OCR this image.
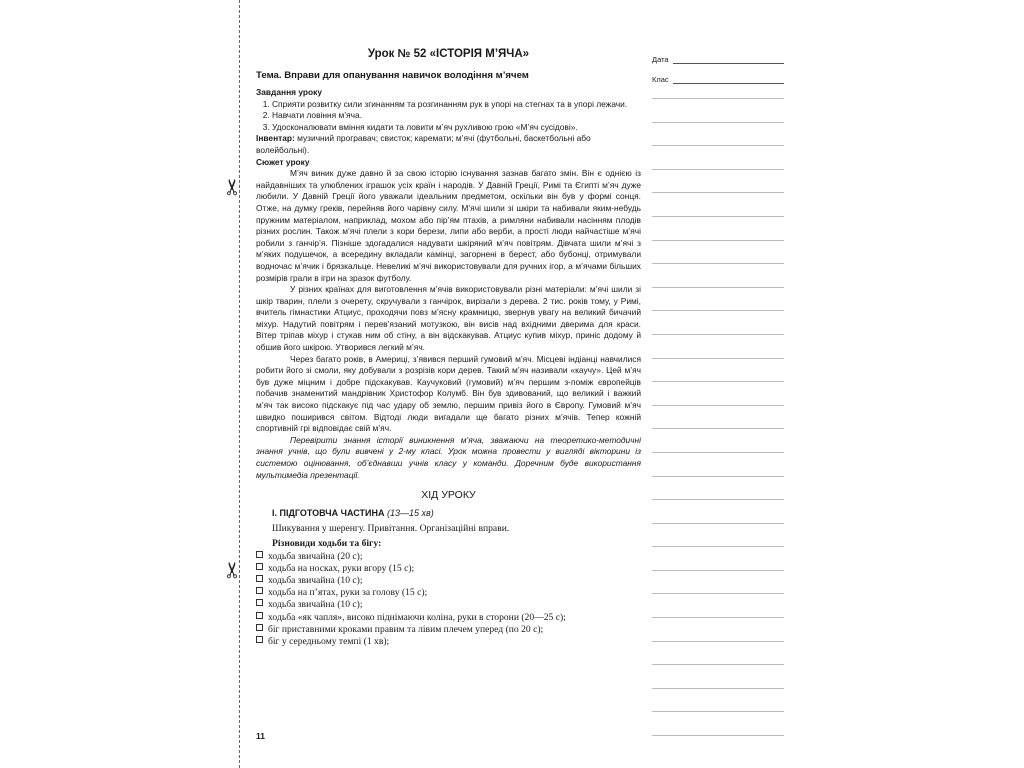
✂
✂
Урок № 52 «ІСТОРІЯ М’ЯЧА»
Тема. Вправи для опанування навичок володіння м’ячем
Завдання уроку
1. Сприяти розвитку сили згинанням та розгинанням рук в упорі на стегнах та в упорі лежачи.
2. Навчати ловіння м’яча.
3. Удосконалювати вміння кидати та ловити м’яч рухливою грою «М’яч сусідові».
Інвентар: музичний програвач; свисток; каремати; м’ячі (футбольні, баскетбольні або волейбольні).
Сюжет уроку

М’яч виник дуже давно й за свою історію існування зазнав багато змін. Він є однією із найдавніших та улюблених іграшок усіх країн і народів. У Давній Греції, Римі та Єгипті м’яч дуже любили. У Давній Греції його уважали ідеальним предметом, оскільки він був у формі сонця. Отже, на думку греків, перейняв його чарівну силу. М’ячі шили зі шкіри та набивали яким-небудь пружним матеріалом, наприклад, мохом або пір’ям птахів, а римляни набивали насінням плодів різних рослин. Також м’ячі плели з кори берези, липи або верби, а прості люди найчастіше м’ячі робили з ганчір’я. Пізніше здогадалися надувати шкіряний м’яч повітрям. Дівчата шили м’ячі з м’яких подушечок, а всередину вкладали камінці, загорнені в берест, або бубонці, отримували водночас м’ячик і брязкальце. Невеликі м’ячі використовували для ручних ігор, а м’ячами більших розмірів грали в ігри на зразок футболу.

У різних країнах для виготовлення м’ячів використовували різні матеріали: м’ячі шили зі шкір тварин, плели з очерету, скручували з ганчірок, вирізали з дерева. 2 тис. років тому, у Римі, вчитель гімнастики Атциус, проходячи повз м’ясну крамницю, звернув увагу на великий бичачий міхур. Надутий повітрям і перев’язаний мотузкою, він висів над вхідними дверима для краси. Вітер тріпав міхур і стукав ним об стіну, а він відскакував. Атциус купив міхур, приніс додому й обшив його шкірою. Утворився легкий м’яч.

Через багато років, в Америці, з’явився перший гумовий м’яч. Місцеві індіанці навчилися робити його зі смоли, яку добували з розрізів кори дерев. Такий м’яч називали «каучу». Цей м’яч був дуже міцним і добре підскакував. Каучуковий (гумовий) м’яч першим з-поміж європейців побачив знаменитий мандрівник Христофор Колумб. Він був здивований, що великий і важкий м’яч так високо підскакує під час удару об землю, першим привіз його в Європу. Гумовий м’яч швидко поширився світом. Відтоді люди вигадали ще багато різних м’ячів. Тепер кожній спортивній грі відповідає свій м’яч.

Перевірити знання історії виникнення м’яча, зважаючи на теоретико-методичні знання учнів, що були вивчені у 2-му класі. Урок можна провести у вигляді вікторини із системою оцінювання, об’єднавши учнів класу у команди. Доречним буде використання мультимедіа презентації.

ХІД УРОКУ
І. ПІДГОТОВЧА ЧАСТИНА (13—15 хв)
Шикування у шеренгу. Привітання. Організаційні вправи.
Різновиди ходьби та бігу:
ходьба звичайна (20 с);
ходьба на носках, руки вгору (15 с);
ходьба звичайна (10 с);
ходьба на п’ятах, руки за голову (15 с);
ходьба звичайна (10 с);
ходьба «як чапля», високо піднімаючи коліна, руки в сторони (20—25 с);
біг приставними кроками правим та лівим плечем уперед (по 20 с);
біг у середньому темпі (1 хв);
11
Дата
Клас
